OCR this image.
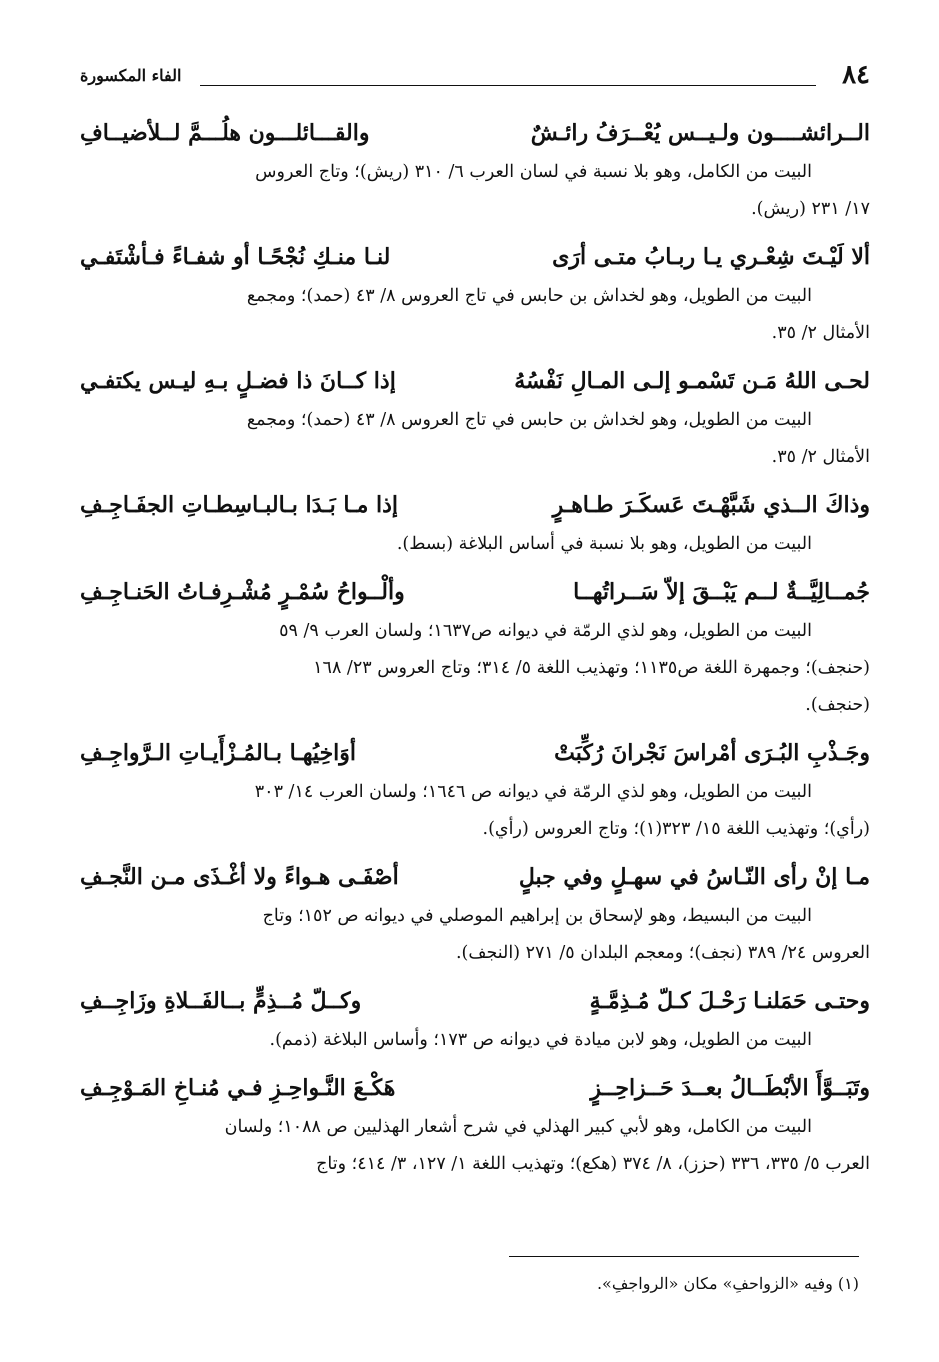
٨٤
الفاء المكسورة
الــرائشــــون ولـيــس يُعْــرَفُ رائـشٌ
والقـــائلـــون هلُـــمَّ لــلأضيــافِ
البيت من الكامل، وهو بلا نسبة في لسان العرب ٦/ ٣١٠ (ريش)؛ وتاج العروس
١٧/ ٢٣١ (ريش).
ألا لَيْـتَ شِعْـري يـا ربـابُ متـى أرَى
لنـا منـكِ نُجْحًـا أو شفـاءً فـأشْتَفـي
البيت من الطويل، وهو لخداش بن حابس في تاج العروس ٨/ ٤٣ (حمد)؛ ومجمع
الأمثال ٢/ ٣٥.
لحـى اللهُ مَـن تَسْمـو إلـى المـالِ نَفْسُهُ
إذا كــانَ ذا فضـلٍ بـهِ ليـس يكتفـي
البيت من الطويل، وهو لخداش بن حابس في تاج العروس ٨/ ٤٣ (حمد)؛ ومجمع
الأمثال ٢/ ٣٥.
وذاكَ الــذي شَبَّهْـتَ عَسكَـرَ طـاهـرٍ
إذا مـا بَـدَا بـالبـاسِطـاتِ الجفَـاجِـفِ
البيت من الطويل، وهو بلا نسبة في أساس البلاغة (بسط).
جُمــالِيَّــةٌ لــم يَبْــقَ إلاّ سَــراتُهــا
وألْــواحُ سُمْـرٍ مُشْـرِفـاتُ الحَنـاجِـفِ
البيت من الطويل، وهو لذي الرمّة في ديوانه ص١٦٣٧؛ ولسان العرب ٩/ ٥٩
(حنجف)؛ وجمهرة اللغة ص١١٣٥؛ وتهذيب اللغة ٥/ ٣١٤؛ وتاج العروس ٢٣/ ١٦٨
(حنجف).
وجَـذْبِ البُـرَى أمْراسَ نَجْرانَ رُكِّبَتْ
أوَاخِيُهـا بـالمُـزْأَيـاتِ الـرَّواجِـفِ
البيت من الطويل، وهو لذي الرمّة في ديوانه ص ١٦٤٦؛ ولسان العرب ١٤/ ٣٠٣
(رأي)؛ وتهذيب اللغة ١٥/ ٣٢٣(١)؛ وتاج العروس (رأي).
مـا إنْ رأى النّـاسُ في سهـلٍ وفي جبلٍ
أصْفَـى هـواءً ولا أغْـذَى مـن النَّجـفِ
البيت من البسيط، وهو لإسحاق بن إبراهيم الموصلي في ديوانه ص ١٥٢؛ وتاج
العروس ٢٤/ ٣٨٩ (نجف)؛ ومعجم البلدان ٥/ ٢٧١ (النجف).
وحتـى حَمَلنـا رَحْـلَ كـلّ مُـذِمَّـةٍ
وكــلّ مُــذِمٍّ بــالفَــلاةِ وزَاجِــفِ
البيت من الطويل، وهو لابن ميادة في ديوانه ص ١٧٣؛ وأساس البلاغة (ذمم).
وتَبَــوَّأَ الأبْطَــالُ بعــدَ حَــزاحِــزٍ
هَكْـعَ النَّـواحِـزِ فـي مُنـاخِ المَـوْجِـفِ
البيت من الكامل، وهو لأبي كبير الهذلي في شرح أشعار الهذليين ص ١٠٨٨؛ ولسان
العرب ٥/ ٣٣٥، ٣٣٦ (حزز)، ٨/ ٣٧٤ (هكع)؛ وتهذيب اللغة ١/ ١٢٧، ٣/ ٤١٤؛ وتاج
(١) وفيه «الزواحفِ» مكان «الرواجفِ».
